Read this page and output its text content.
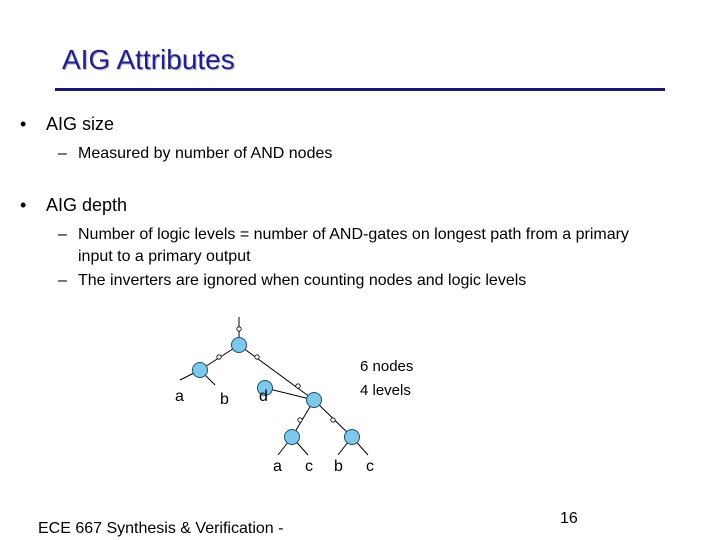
AIG Attributes
• AIG size
– Measured by number of AND nodes
• AIG depth
– Number of logic levels = number of AND-gates on longest path from a primary input to a primary output
– The inverters are ignored when counting nodes and logic levels
a b d
a c b c
6 nodes
4 levels
ECE 667 Synthesis & Verification -
16
